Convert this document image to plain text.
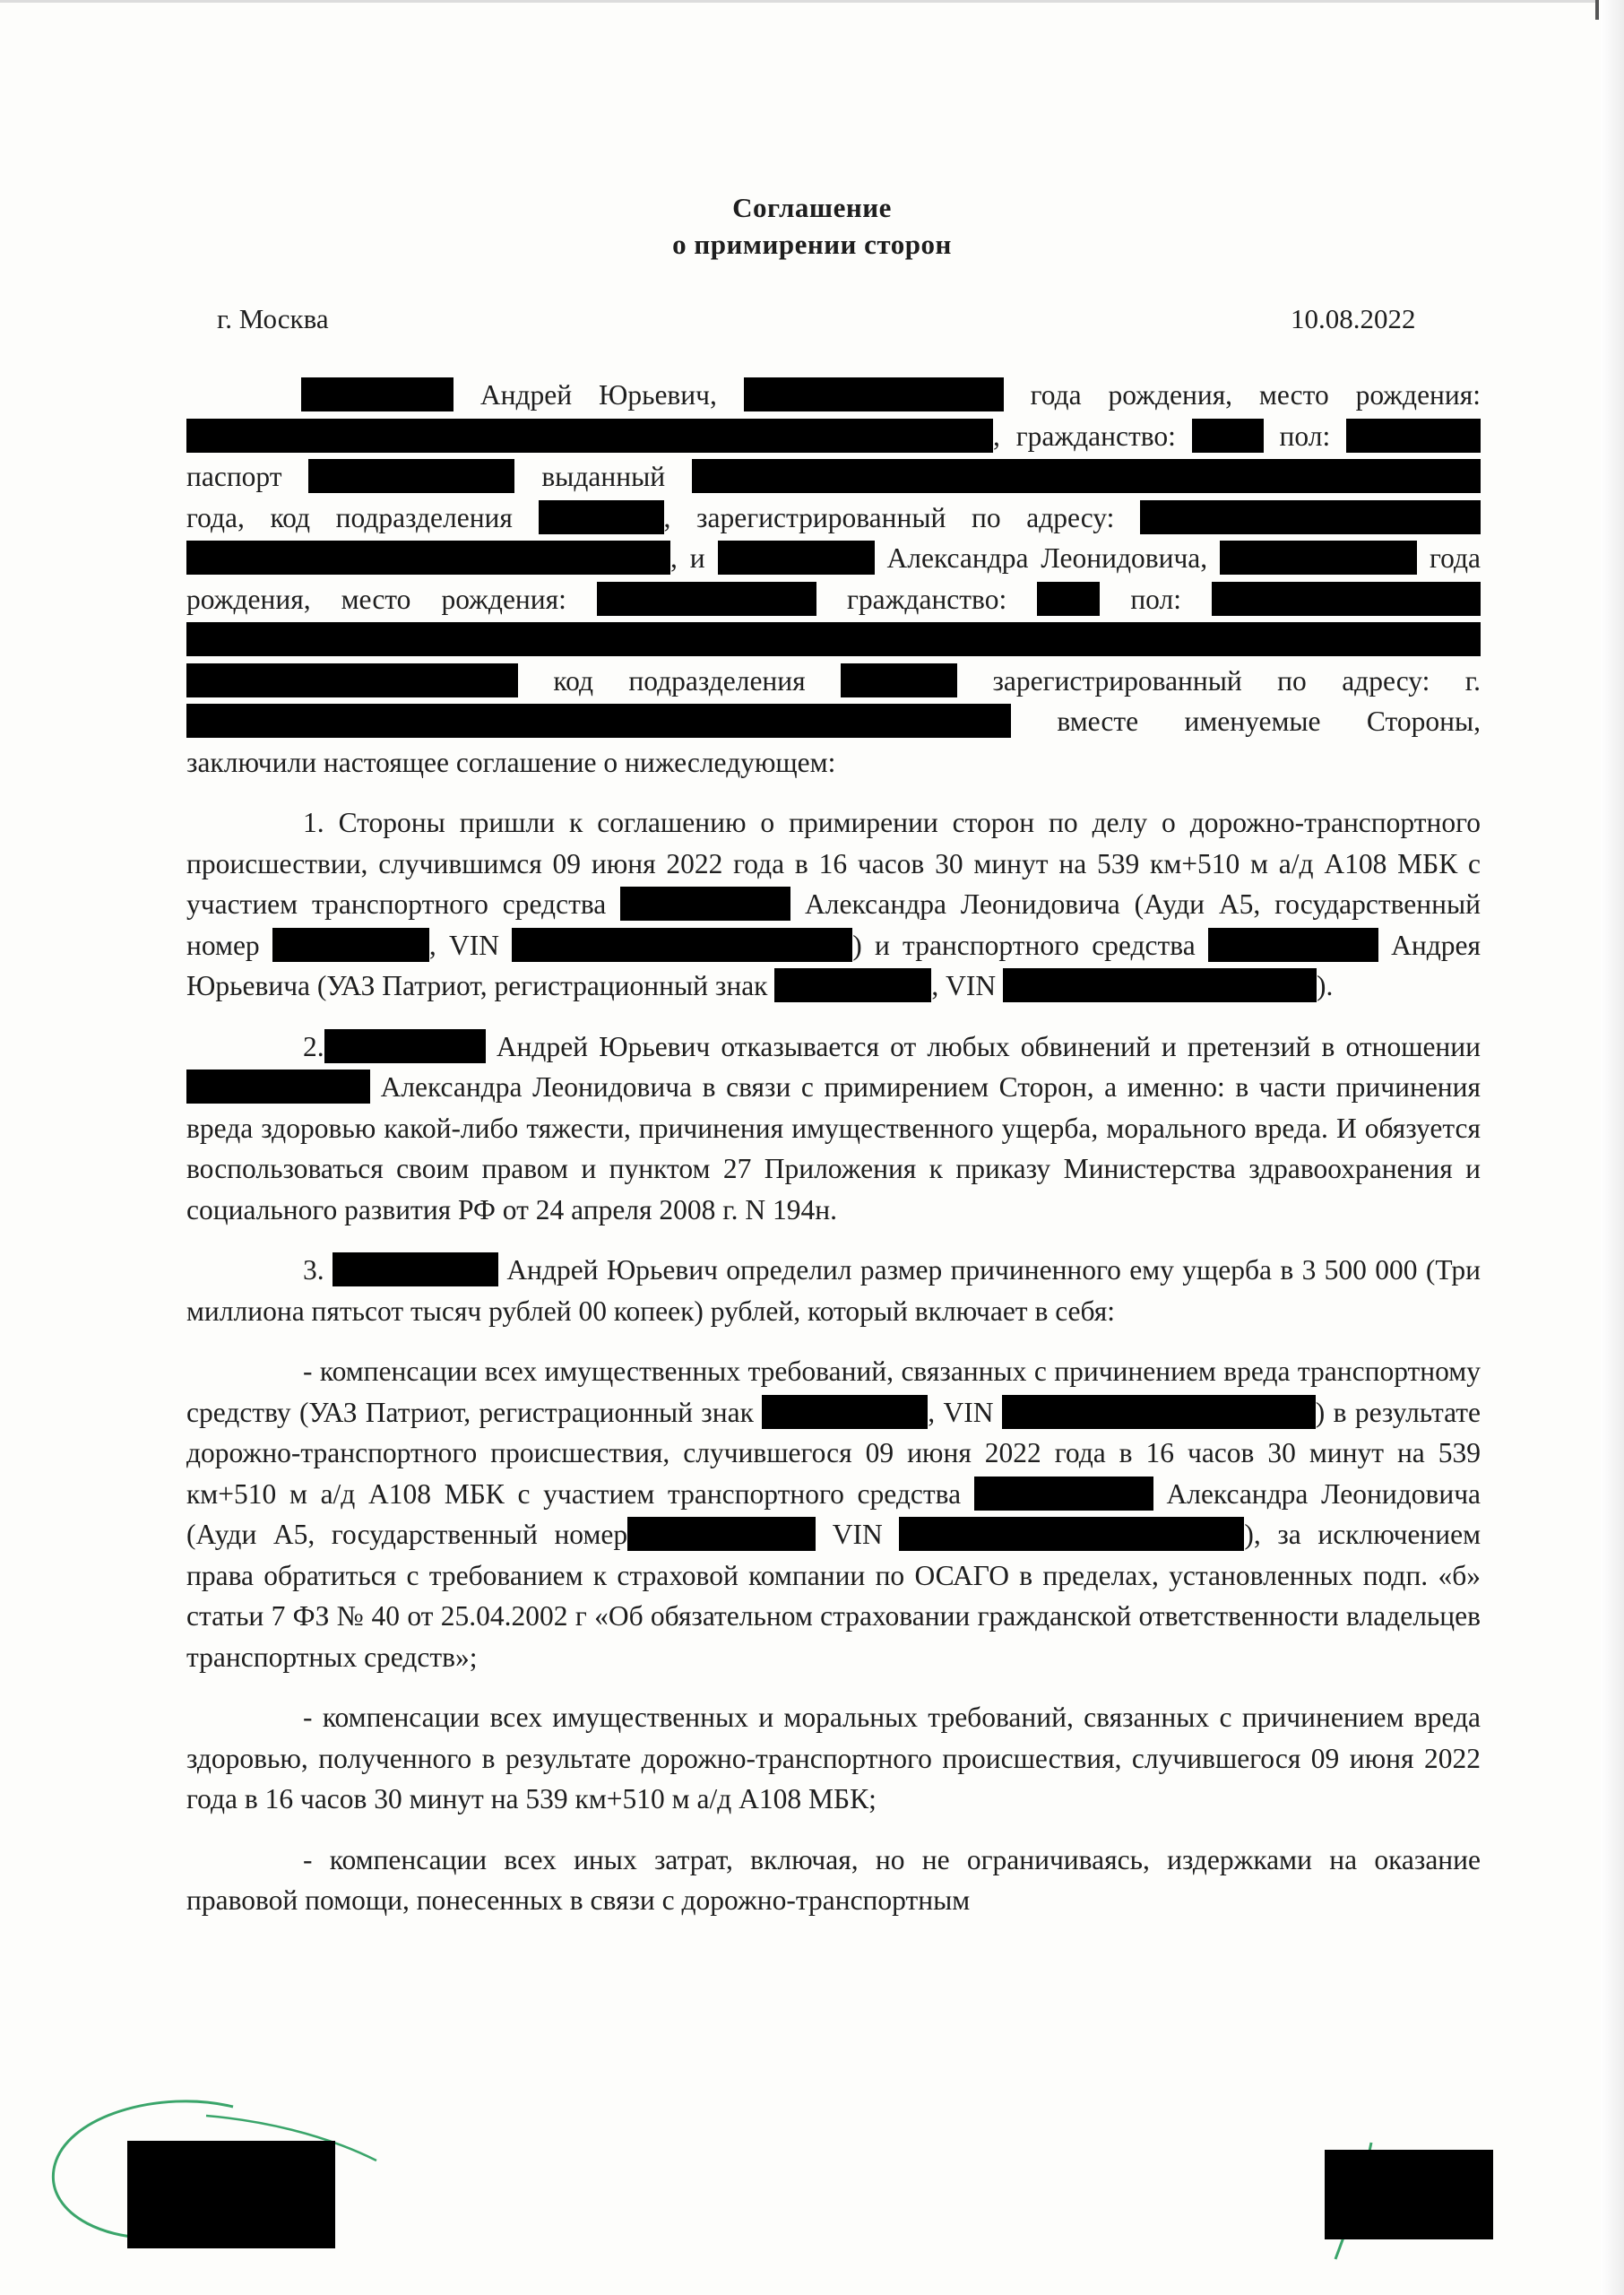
Соглашение
о примирении сторон
г. Москва	10.08.2022

Андрей Юрьевич,	года рождения, место рождения: , гражданство:	пол:  паспорт	выданный  года, код подразделения	, зарегистрированный по адресу:  , и	Александра Леонидовича,	года рождения, место рождения:	гражданство:	пол:    код подразделения	зарегистрированный по адресу: г.  вместе именуемые Стороны, заключили настоящее соглашение о нижеследующем:

1. Стороны пришли к соглашению о примирении сторон по делу о дорожно-транспортного происшествии, случившимся 09 июня 2022 года в 16 часов 30 минут на 539 км+510 м а/д А108 МБК с участием транспортного средства	Александра Леонидовича (Ауди А5, государственный номер	, VIN	) и транспортного средства	Андрея Юрьевича (УАЗ Патриот, регистрационный знак	, VIN	).

2.	Андрей Юрьевич отказывается от любых обвинений и претензий в отношении  Александра Леонидовича в связи с примирением Сторон, а именно: в части причинения вреда здоровью какой-либо тяжести, причинения имущественного ущерба, морального вреда. И обязуется воспользоваться своим правом и пунктом 27 Приложения к приказу Министерства здравоохранения и социального развития РФ от 24 апреля 2008 г. N 194н.

3.	Андрей Юрьевич определил размер причиненного ему ущерба в 3 500 000 (Три миллиона пятьсот тысяч рублей 00 копеек) рублей, который включает в себя:

- компенсации всех имущественных требований, связанных с причинением вреда транспортному средству (УАЗ Патриот, регистрационный знак	, VIN	) в результате дорожно-транспортного происшествия, случившегося 09 июня 2022 года в 16 часов 30 минут на 539 км+510 м а/д А108 МБК с участием транспортного средства	Александра Леонидовича (Ауди А5, государственный номер	VIN	), за исключением права обратиться с требованием к страховой компании по ОСАГО в пределах, установленных подп. «б» статьи 7 ФЗ № 40 от 25.04.2002 г «Об обязательном страховании гражданской ответственности владельцев транспортных средств»;

- компенсации всех имущественных и моральных требований, связанных с причинением вреда здоровью, полученного в результате дорожно-транспортного происшествия, случившегося 09 июня 2022 года в 16 часов 30 минут на 539 км+510 м а/д А108 МБК;

- компенсации всех иных затрат, включая, но не ограничиваясь, издержками на оказание правовой помощи, понесенных в связи с дорожно-транспортным
